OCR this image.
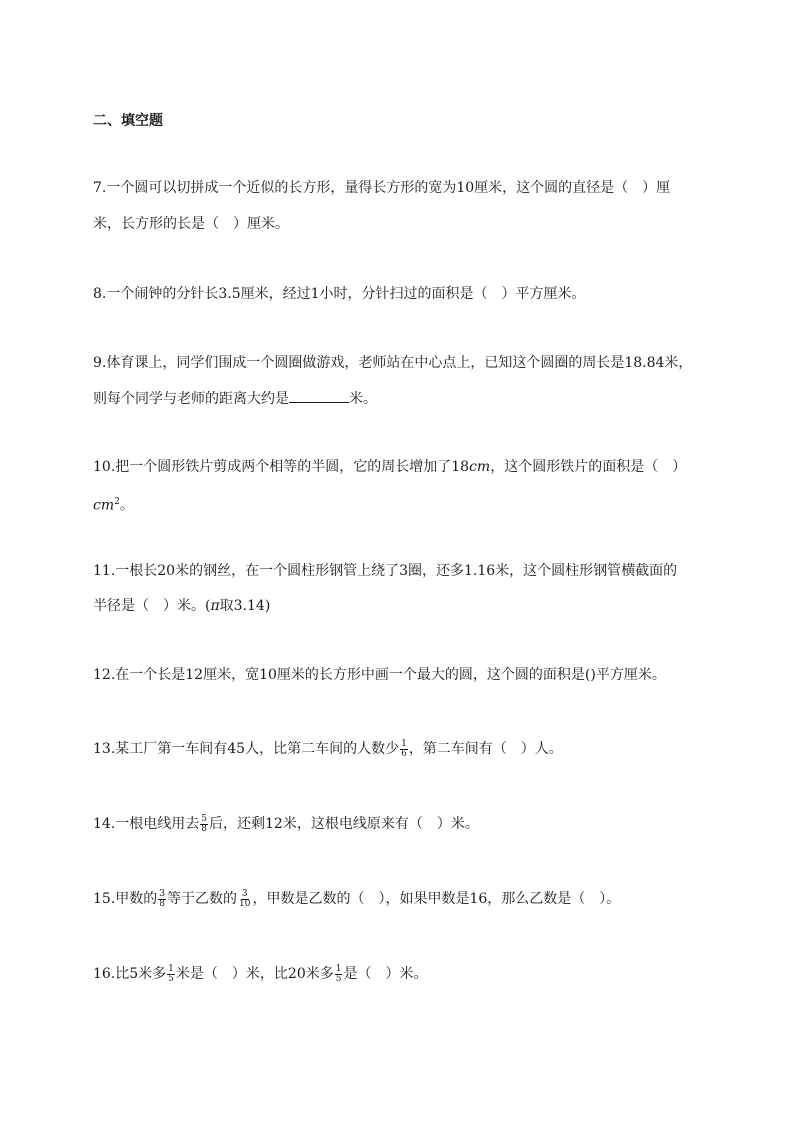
二、填空题
7.一个圆可以切拼成一个近似的长方形，量得长方形的宽为10厘米，这个圆的直径是（　）厘
米，长方形的长是（　）厘米。
8.一个闹钟的分针长3.5厘米，经过1小时，分针扫过的面积是（　）平方厘米。
9.体育课上，同学们围成一个圆圈做游戏，老师站在中心点上，已知这个圆圈的周长是18.84米，
则每个同学与老师的距离大约是	米。
10.把一个圆形铁片剪成两个相等的半圆，它的周长增加了18cm，这个圆形铁片的面积是（　）
$cm^2$。
11.一根长20米的钢丝，在一个圆柱形钢管上绕了3圈，还多1.16米，这个圆柱形钢管横截面的
半径是（　）米。(π取3.14)
12.在一个长是12厘米，宽10厘米的长方形中画一个最大的圆，这个圆的面积是()平方厘米。
13.某工厂第一车间有45人，比第二车间的人数少 $\frac{1}{6}$ ，第二车间有（　）人。
14.一根电线用去 $\frac{5}{8}$ 后，还剩12米，这根电线原来有（　）米。
15.甲数的 $\frac{3}{8}$ 等于乙数的 $\frac{3}{10}$ ，甲数是乙数的（　），如果甲数是16，那么乙数是（　）。
16.比5米多 $\frac{1}{5}$ 米是（　）米，比20米多 $\frac{1}{5}$ 是（　）米。
